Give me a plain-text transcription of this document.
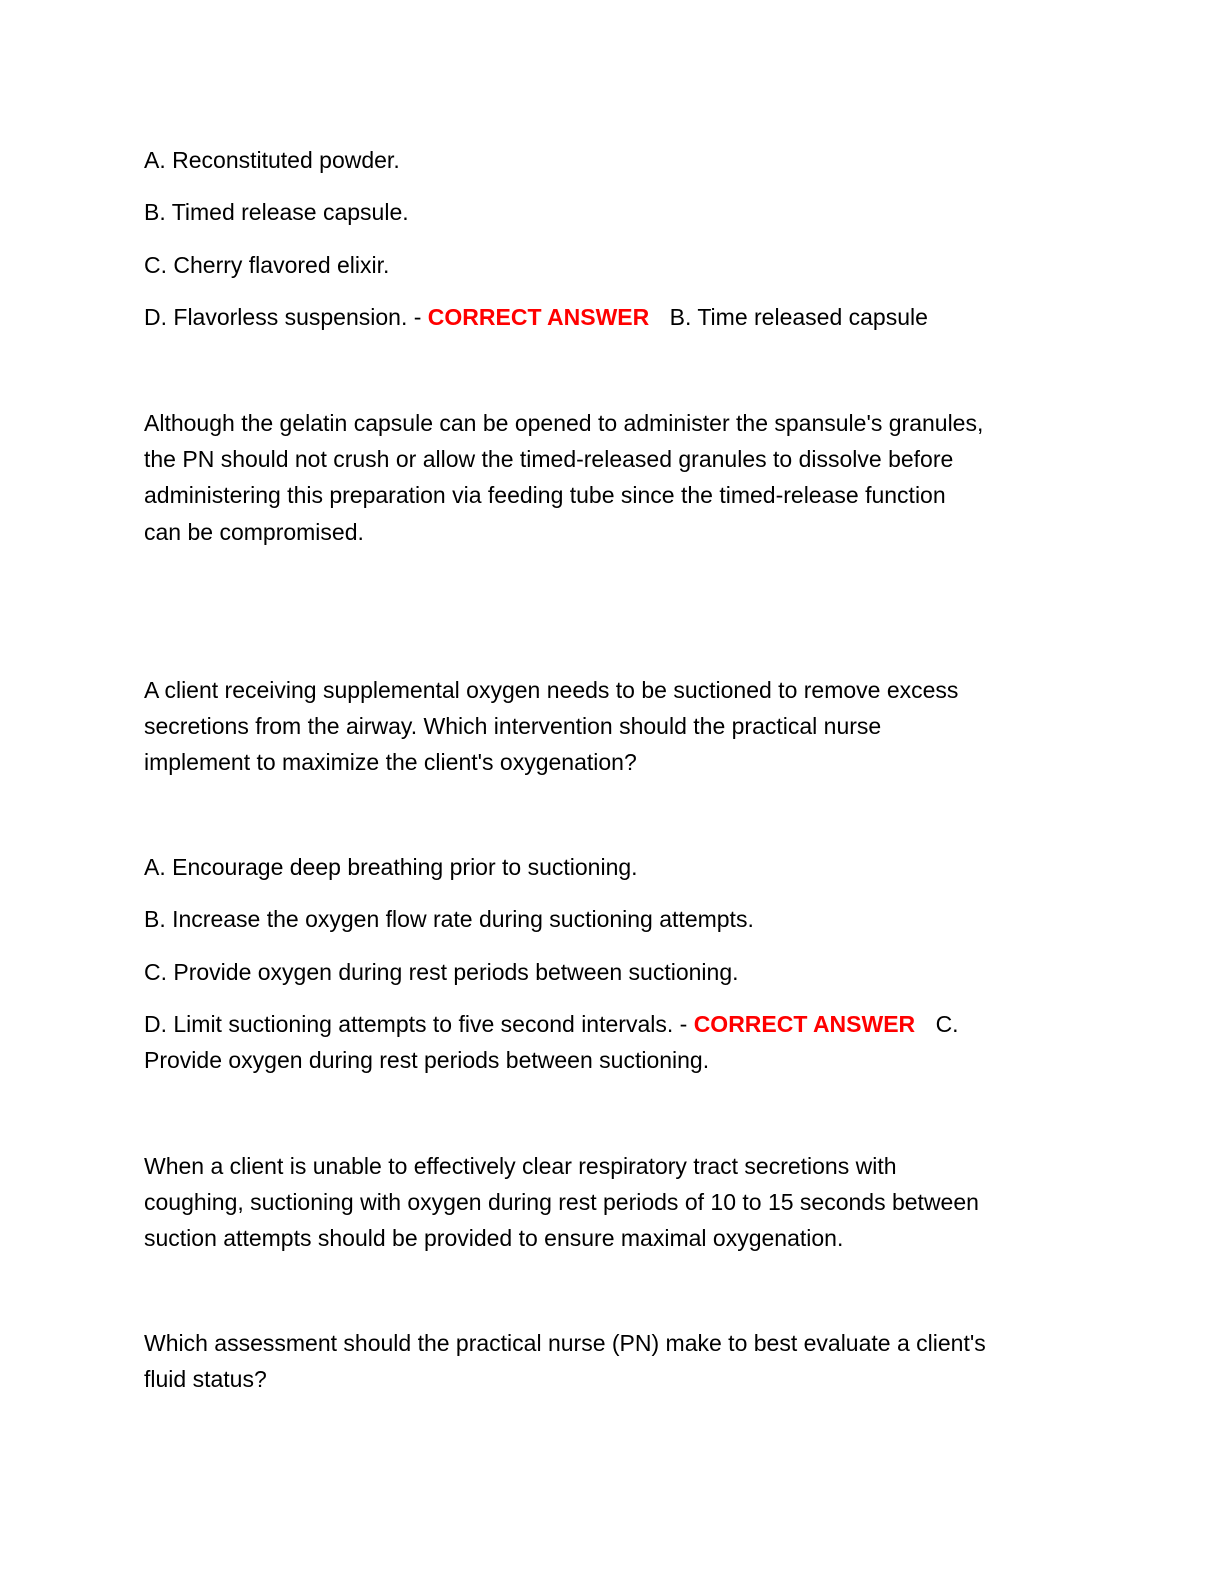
A. Reconstituted powder.
B. Timed release capsule.
C. Cherry flavored elixir.
D. Flavorless suspension. - CORRECT ANSWER B. Time released capsule
Although the gelatin capsule can be opened to administer the spansule's granules,
the PN should not crush or allow the timed-released granules to dissolve before
administering this preparation via feeding tube since the timed-release function
can be compromised.
A client receiving supplemental oxygen needs to be suctioned to remove excess
secretions from the airway. Which intervention should the practical nurse
implement to maximize the client's oxygenation?
A. Encourage deep breathing prior to suctioning.
B. Increase the oxygen flow rate during suctioning attempts.
C. Provide oxygen during rest periods between suctioning.
D. Limit suctioning attempts to five second intervals. - CORRECT ANSWER C.
Provide oxygen during rest periods between suctioning.
When a client is unable to effectively clear respiratory tract secretions with
coughing, suctioning with oxygen during rest periods of 10 to 15 seconds between
suction attempts should be provided to ensure maximal oxygenation.
Which assessment should the practical nurse (PN) make to best evaluate a client's
fluid status?
